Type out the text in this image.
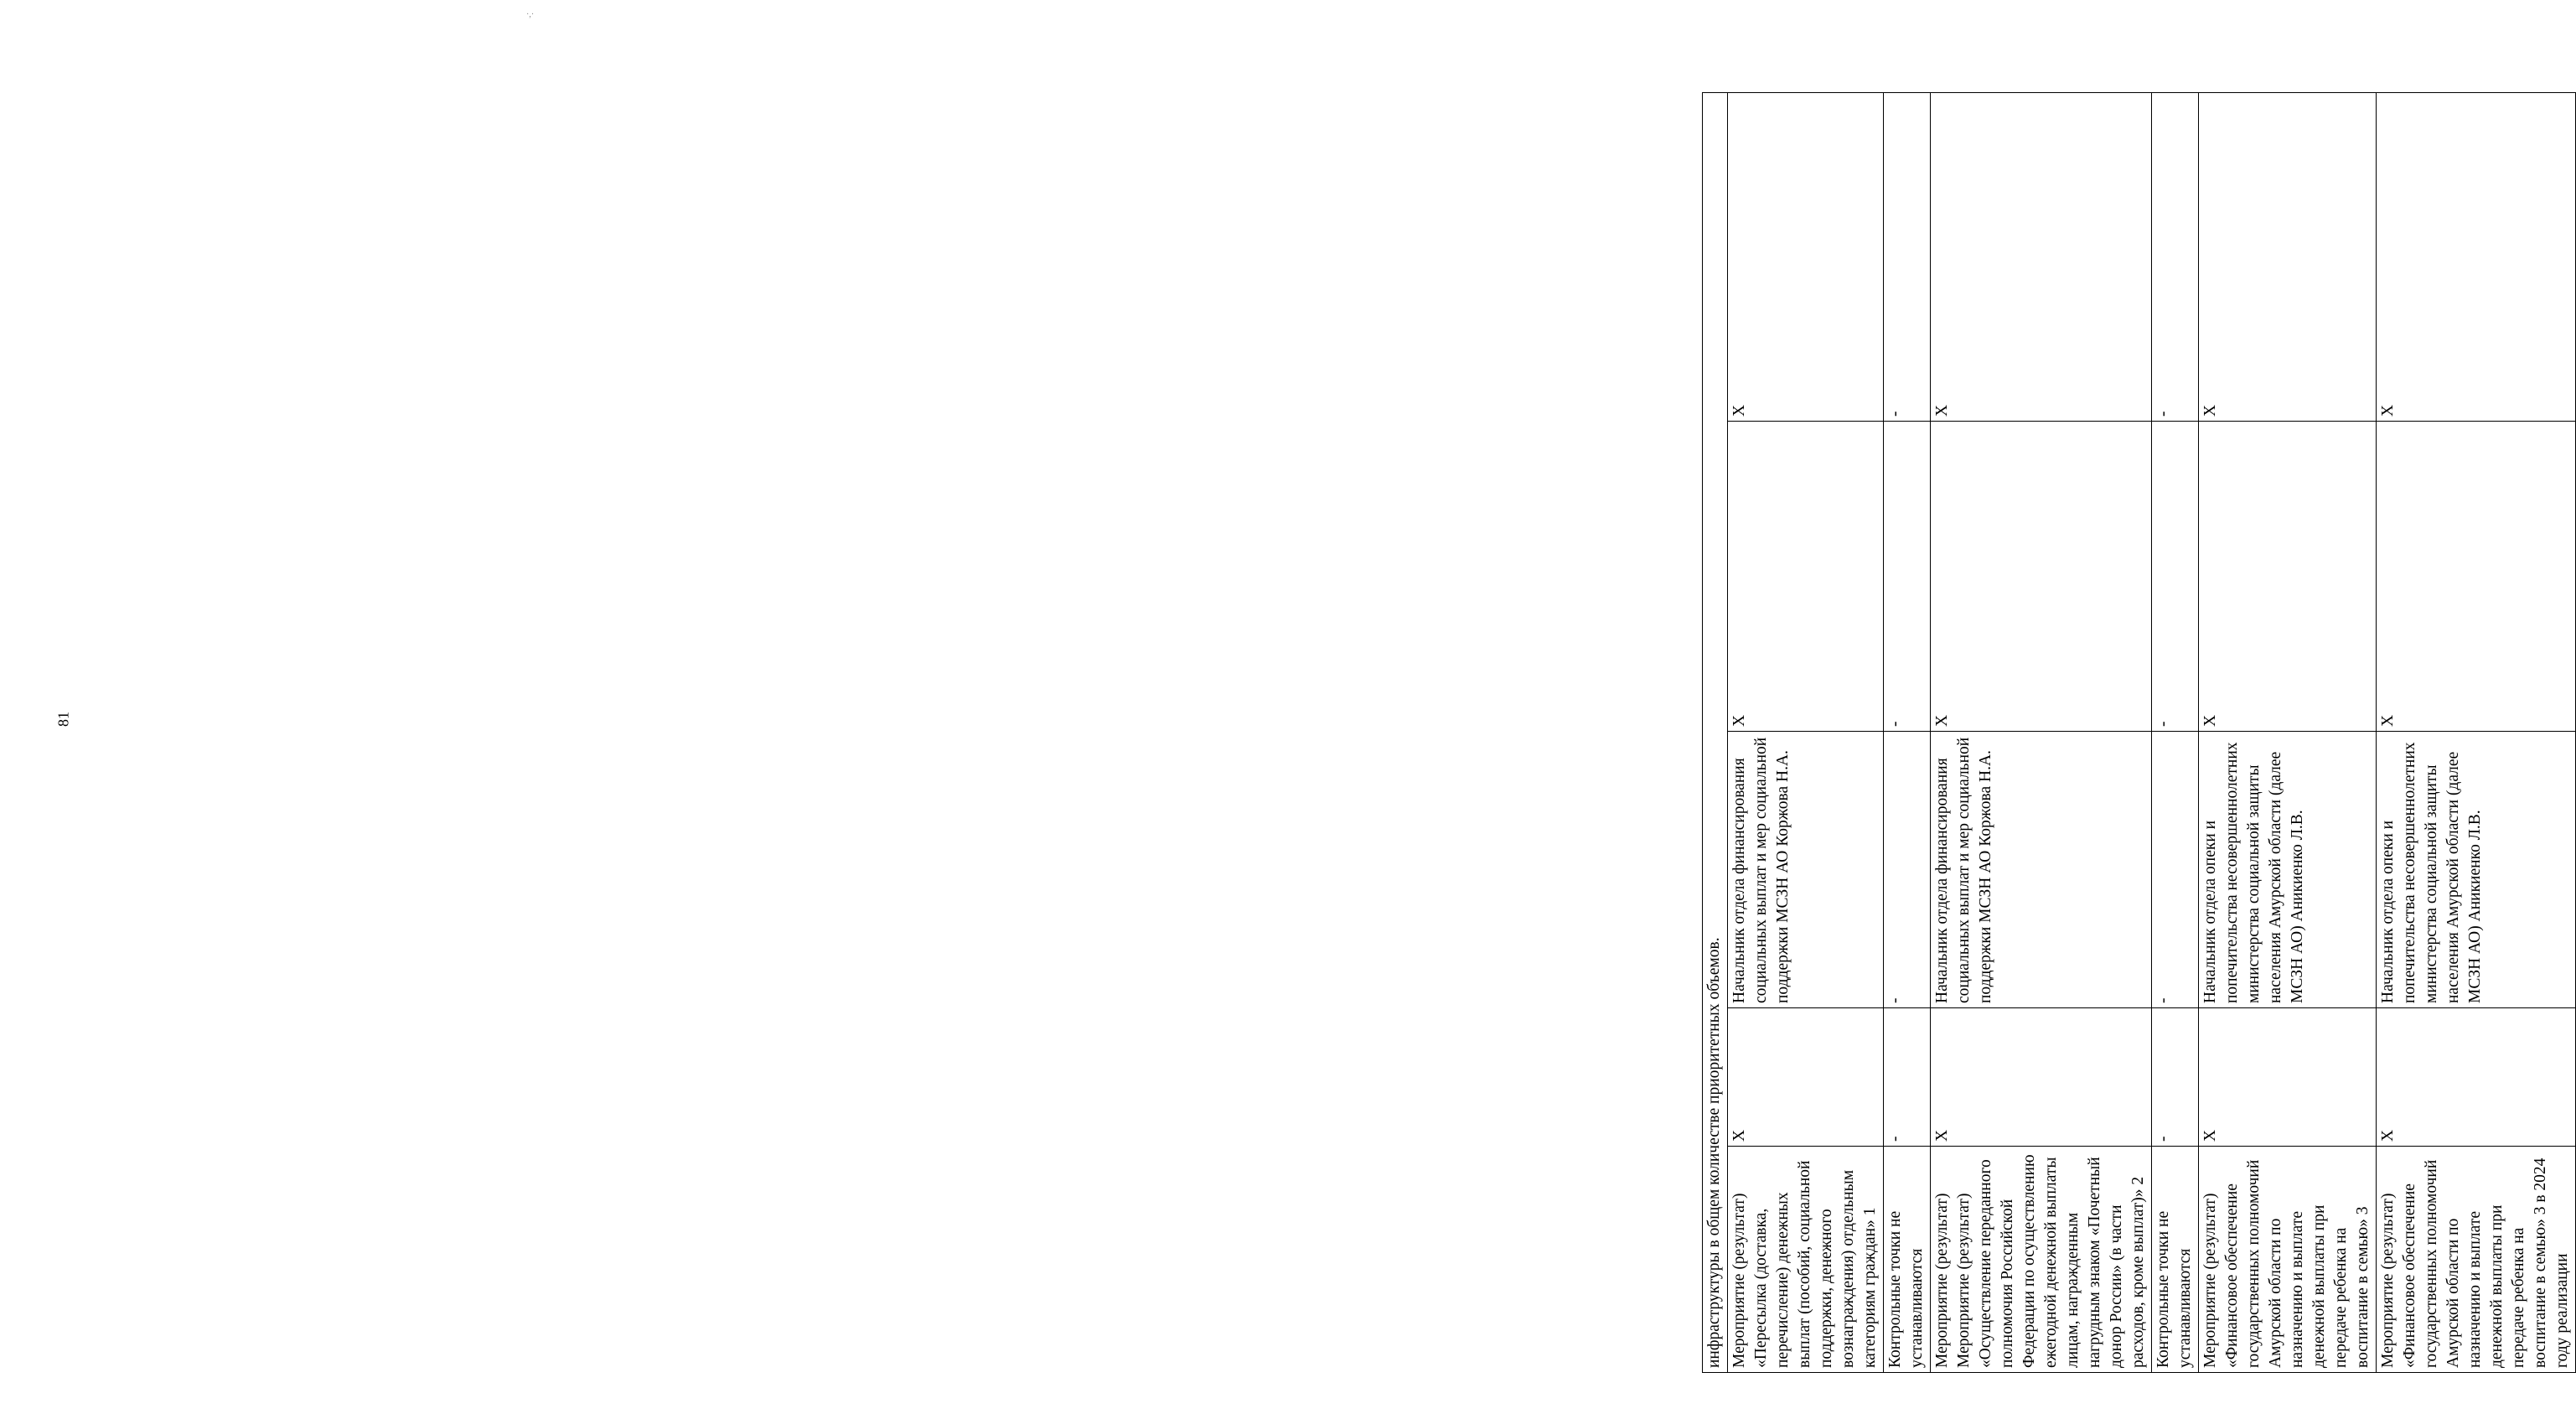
·,·
81
инфраструктуры в общем количестве приоритетных объемов.				
Мероприятие (результат) «Пересылка (доставка, перечисление) денежных выплат (пособий, социальной поддержки, денежного вознаграждения) отдельным категориям граждан» 1	Х	Начальник отдела финансирования социальных выплат и мер социальной поддержки МСЗН АО Коржова Н.А.	Х	Х
Контрольные точки не устанавливаются	-	-	-	-
Мероприятие (результат) Мероприятие (результат) «Осуществление переданного полномочия Российской Федерации по осуществлению ежегодной денежной выплаты лицам, награжденным нагрудным знаком «Почетный донор России» (в части расходов, кроме выплат)» 2	Х	Начальник отдела финансирования социальных выплат и мер социальной поддержки МСЗН АО Коржова Н.А.	Х	Х
Контрольные точки не устанавливаются	-	-	-	-
Мероприятие (результат) «Финансовое обеспечение государственных полномочий Амурской области по назначению и выплате денежной выплаты при передаче ребенка на воспитание в семью» 3	Х	Начальник отдела опеки и попечительства несовершеннолетних министерства социальной защиты населения Амурской области (далее МСЗН АО) Аникиенко Л.В.	Х	Х
Мероприятие (результат) «Финансовое обеспечение государственных полномочий Амурской области по назначению и выплате денежной выплаты при передаче ребенка на воспитание в семью» 3 в 2024 году реализации	Х	Начальник отдела опеки и попечительства несовершеннолетних министерства социальной защиты населения Амурской области (далее МСЗН АО) Аникиенко Л.В.	Х	Х
